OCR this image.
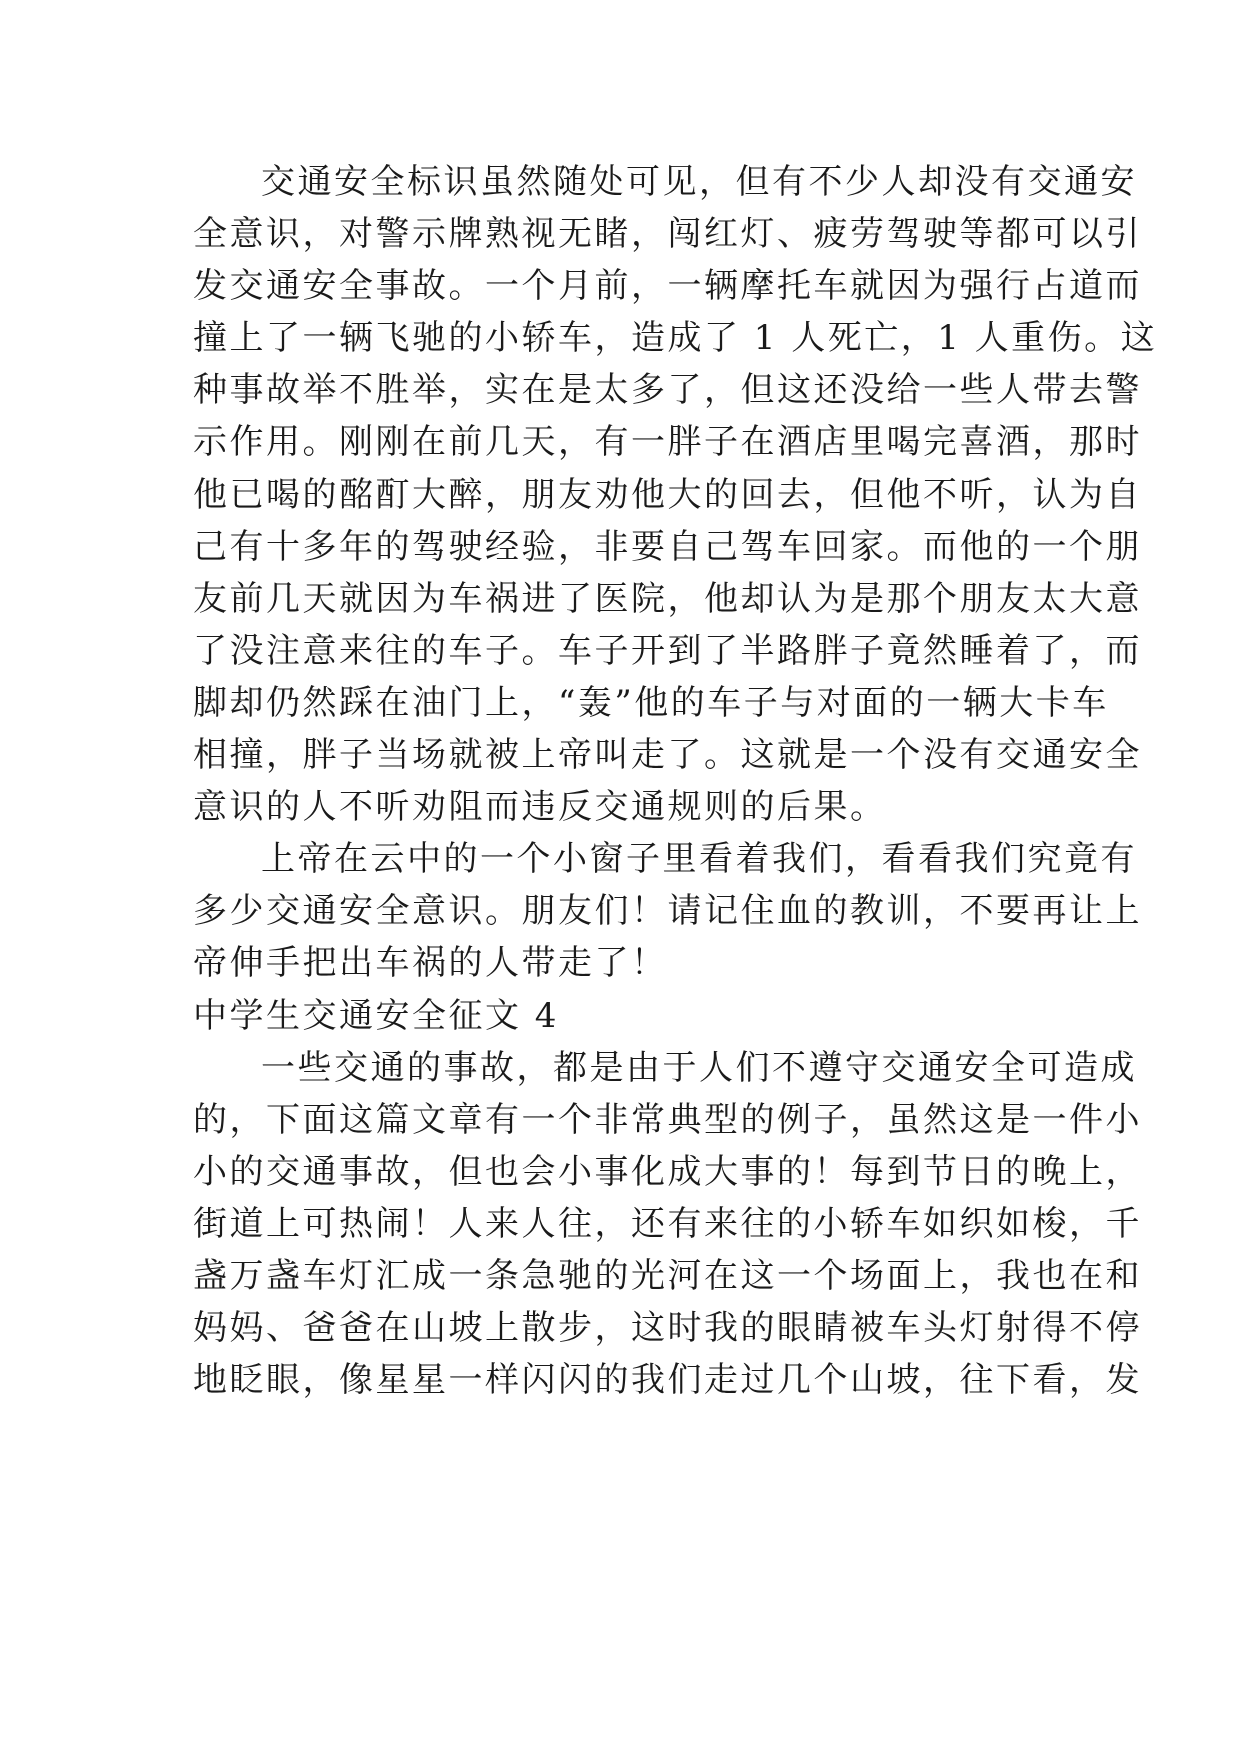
交通安全标识虽然随处可见，但有不少人却没有交通安
全意识，对警示牌熟视无睹，闯红灯、疲劳驾驶等都可以引
发交通安全事故。一个月前，一辆摩托车就因为强行占道而
撞上了一辆飞驰的小轿车，造成了 1 人死亡，1 人重伤。这
种事故举不胜举，实在是太多了，但这还没给一些人带去警
示作用。刚刚在前几天，有一胖子在酒店里喝完喜酒，那时
他已喝的酩酊大醉，朋友劝他大的回去，但他不听，认为自
己有十多年的驾驶经验，非要自己驾车回家。而他的一个朋
友前几天就因为车祸进了医院，他却认为是那个朋友太大意
了没注意来往的车子。车子开到了半路胖子竟然睡着了，而
脚却仍然踩在油门上，“轰”他的车子与对面的一辆大卡车
相撞，胖子当场就被上帝叫走了。这就是一个没有交通安全
意识的人不听劝阻而违反交通规则的后果。
上帝在云中的一个小窗子里看着我们，看看我们究竟有
多少交通安全意识。朋友们！请记住血的教训，不要再让上
帝伸手把出车祸的人带走了！
中学生交通安全征文 4
一些交通的事故，都是由于人们不遵守交通安全可造成
的，下面这篇文章有一个非常典型的例子，虽然这是一件小
小的交通事故，但也会小事化成大事的！每到节日的晚上，
街道上可热闹！人来人往，还有来往的小轿车如织如梭，千
盏万盏车灯汇成一条急驰的光河在这一个场面上，我也在和
妈妈、爸爸在山坡上散步，这时我的眼睛被车头灯射得不停
地眨眼，像星星一样闪闪的我们走过几个山坡，往下看，发
